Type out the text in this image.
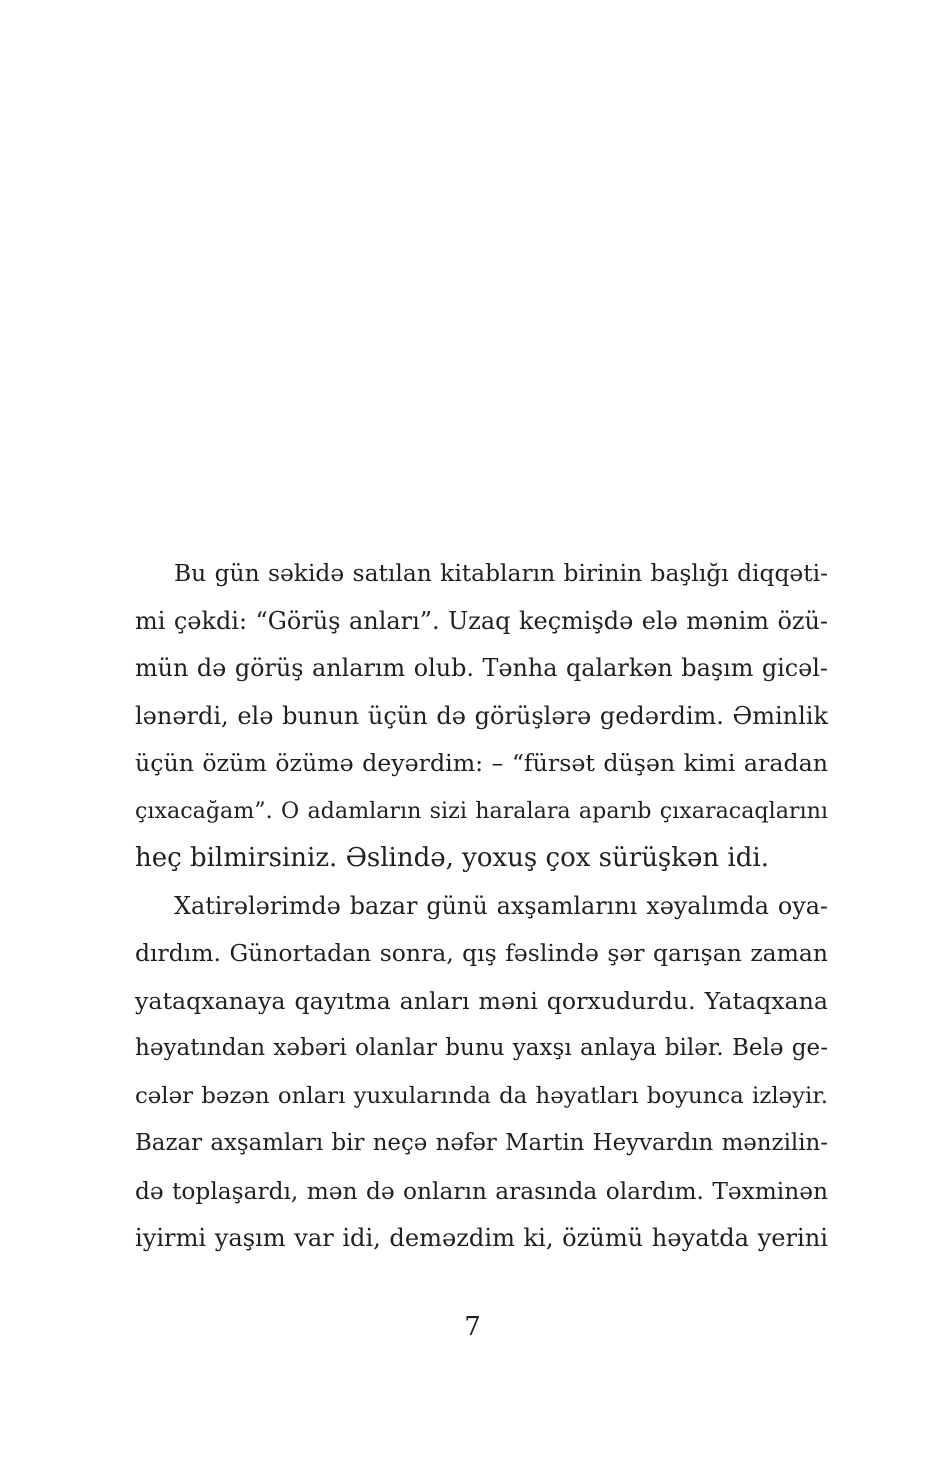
Bu gün səkidə satılan kitabların birinin başlığı diqqəti-
mi çəkdi: “Görüş anları”. Uzaq keçmişdə elə mənim özü-
mün də görüş anlarım olub. Tənha qalarkən başım gicəl-
lənərdi, elə bunun üçün də görüşlərə gedərdim. Əminlik
üçün özüm özümə deyərdim: – “fürsət düşən kimi aradan
çıxacağam”. O adamların sizi haralara aparıb çıxaracaqlarını
heç bilmirsiniz. Əslində, yoxuş çox sürüşkən idi.
Xatirələrimdə bazar günü axşamlarını xəyalımda oya-
dırdım. Günortadan sonra, qış fəslində şər qarışan zaman
yataqxanaya qayıtma anları məni qorxudurdu. Yataqxana
həyatından xəbəri olanlar bunu yaxşı anlaya bilər. Belə ge-
cələr bəzən onları yuxularında da həyatları boyunca izləyir.
Bazar axşamları bir neçə nəfər Martin Heyvardın mənzilin-
də toplaşardı, mən də onların arasında olardım. Təxminən
iyirmi yaşım var idi, deməzdim ki, özümü həyatda yerini
7
